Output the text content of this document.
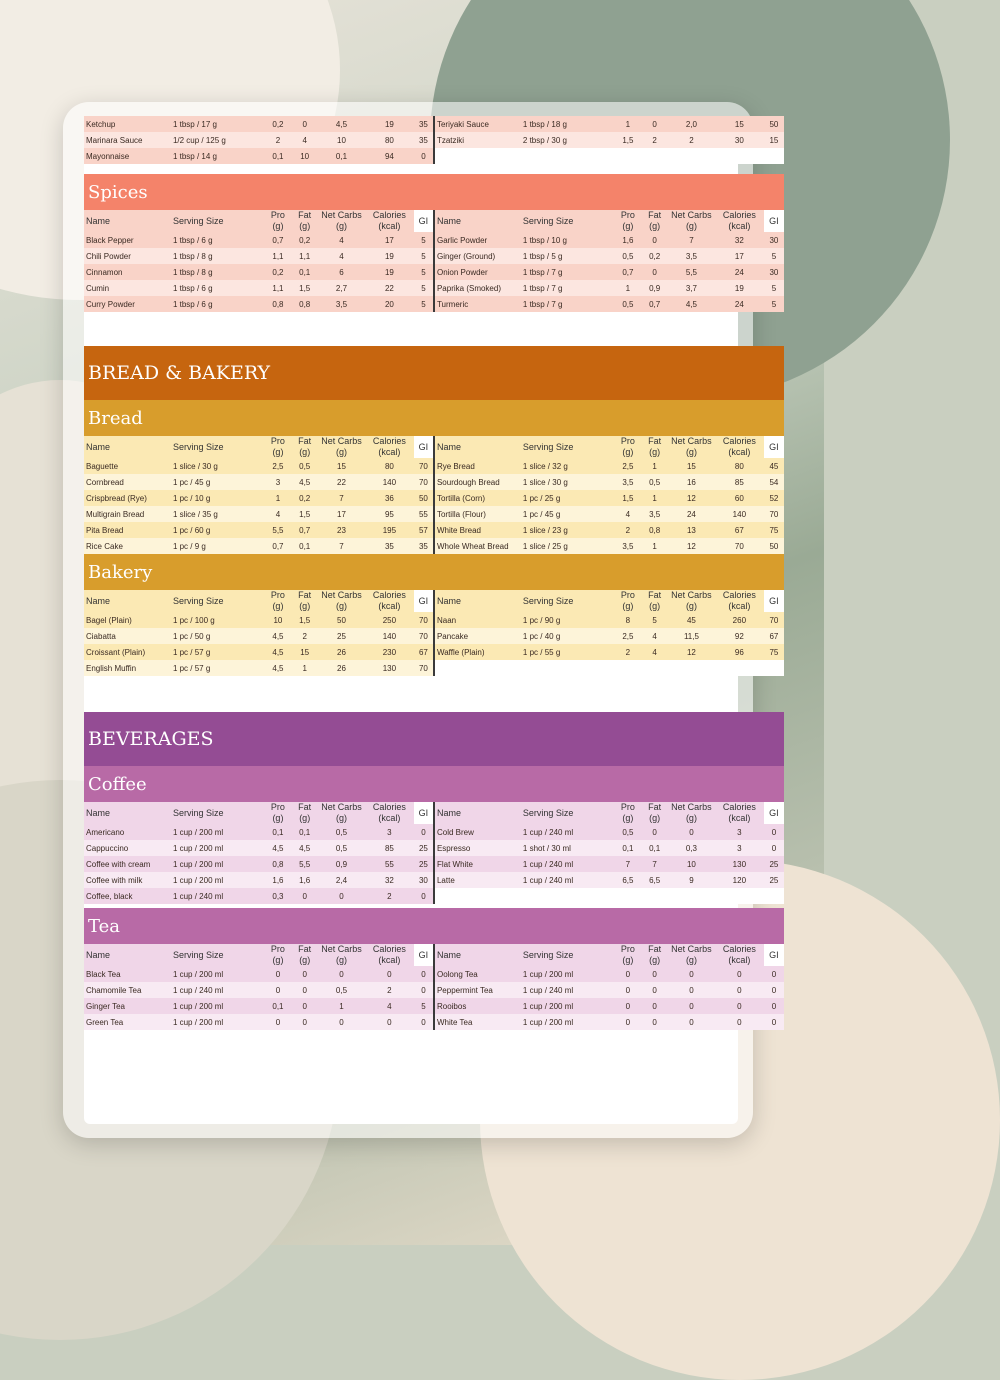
Ketchup	1 tbsp / 17 g	0,2	0	4,5	19	35	Teriyaki Sauce	1 tbsp / 18 g	1	0	2,0	15	50
Marinara Sauce	1/2 cup / 125 g	2	4	10	80	35	Tzatziki	2 tbsp / 30 g	1,5	2	2	30	15
Mayonnaise	1 tbsp / 14 g	0,1	10	0,1	94	0							
Spices
Name	Serving Size	Pro (g)	Fat (g)	Net Carbs (g)	Calories (kcal)	GI	Name	Serving Size	Pro (g)	Fat (g)	Net Carbs (g)	Calories (kcal)	GI
Black Pepper	1 tbsp / 6 g	0,7	0,2	4	17	5	Garlic Powder	1 tbsp / 10 g	1,6	0	7	32	30
Chili Powder	1 tbsp / 8 g	1,1	1,1	4	19	5	Ginger (Ground)	1 tbsp / 5 g	0,5	0,2	3,5	17	5
Cinnamon	1 tbsp / 8 g	0,2	0,1	6	19	5	Onion Powder	1 tbsp / 7 g	0,7	0	5,5	24	30
Cumin	1 tbsp / 6 g	1,1	1,5	2,7	22	5	Paprika (Smoked)	1 tbsp / 7 g	1	0,9	3,7	19	5
Curry Powder	1 tbsp / 6 g	0,8	0,8	3,5	20	5	Turmeric	1 tbsp / 7 g	0,5	0,7	4,5	24	5
BREAD & BAKERY
Bread
Name	Serving Size	Pro (g)	Fat (g)	Net Carbs (g)	Calories (kcal)	GI	Name	Serving Size	Pro (g)	Fat (g)	Net Carbs (g)	Calories (kcal)	GI
Baguette	1 slice / 30 g	2,5	0,5	15	80	70	Rye Bread	1 slice / 32 g	2,5	1	15	80	45
Cornbread	1 pc / 45 g	3	4,5	22	140	70	Sourdough Bread	1 slice / 30 g	3,5	0,5	16	85	54
Crispbread (Rye)	1 pc / 10 g	1	0,2	7	36	50	Tortilla (Corn)	1 pc / 25 g	1,5	1	12	60	52
Multigrain Bread	1 slice / 35 g	4	1,5	17	95	55	Tortilla (Flour)	1 pc / 45 g	4	3,5	24	140	70
Pita Bread	1 pc / 60 g	5,5	0,7	23	195	57	White Bread	1 slice / 23 g	2	0,8	13	67	75
Rice Cake	1 pc / 9 g	0,7	0,1	7	35	35	Whole Wheat Bread	1 slice / 25 g	3,5	1	12	70	50
Bakery
Name	Serving Size	Pro (g)	Fat (g)	Net Carbs (g)	Calories (kcal)	GI	Name	Serving Size	Pro (g)	Fat (g)	Net Carbs (g)	Calories (kcal)	GI
Bagel (Plain)	1 pc / 100 g	10	1,5	50	250	70	Naan	1 pc / 90 g	8	5	45	260	70
Ciabatta	1 pc / 50 g	4,5	2	25	140	70	Pancake	1 pc / 40 g	2,5	4	11,5	92	67
Croissant (Plain)	1 pc / 57 g	4,5	15	26	230	67	Waffle (Plain)	1 pc / 55 g	2	4	12	96	75
English Muffin	1 pc / 57 g	4,5	1	26	130	70							
BEVERAGES
Coffee
Name	Serving Size	Pro (g)	Fat (g)	Net Carbs (g)	Calories (kcal)	GI	Name	Serving Size	Pro (g)	Fat (g)	Net Carbs (g)	Calories (kcal)	GI
Americano	1 cup / 200 ml	0,1	0,1	0,5	3	0	Cold Brew	1 cup / 240 ml	0,5	0	0	3	0
Cappuccino	1 cup / 200 ml	4,5	4,5	0,5	85	25	Espresso	1 shot / 30 ml	0,1	0,1	0,3	3	0
Coffee with cream	1 cup / 200 ml	0,8	5,5	0,9	55	25	Flat White	1 cup / 240 ml	7	7	10	130	25
Coffee with milk	1 cup / 200 ml	1,6	1,6	2,4	32	30	Latte	1 cup / 240 ml	6,5	6,5	9	120	25
Coffee, black	1 cup / 240 ml	0,3	0	0	2	0							
Tea
Name	Serving Size	Pro (g)	Fat (g)	Net Carbs (g)	Calories (kcal)	GI	Name	Serving Size	Pro (g)	Fat (g)	Net Carbs (g)	Calories (kcal)	GI
Black Tea	1 cup / 200 ml	0	0	0	0	0	Oolong Tea	1 cup / 200 ml	0	0	0	0	0
Chamomile Tea	1 cup / 240 ml	0	0	0,5	2	0	Peppermint Tea	1 cup / 240 ml	0	0	0	0	0
Ginger Tea	1 cup / 200 ml	0,1	0	1	4	5	Rooibos	1 cup / 200 ml	0	0	0	0	0
Green Tea	1 cup / 200 ml	0	0	0	0	0	White Tea	1 cup / 200 ml	0	0	0	0	0
